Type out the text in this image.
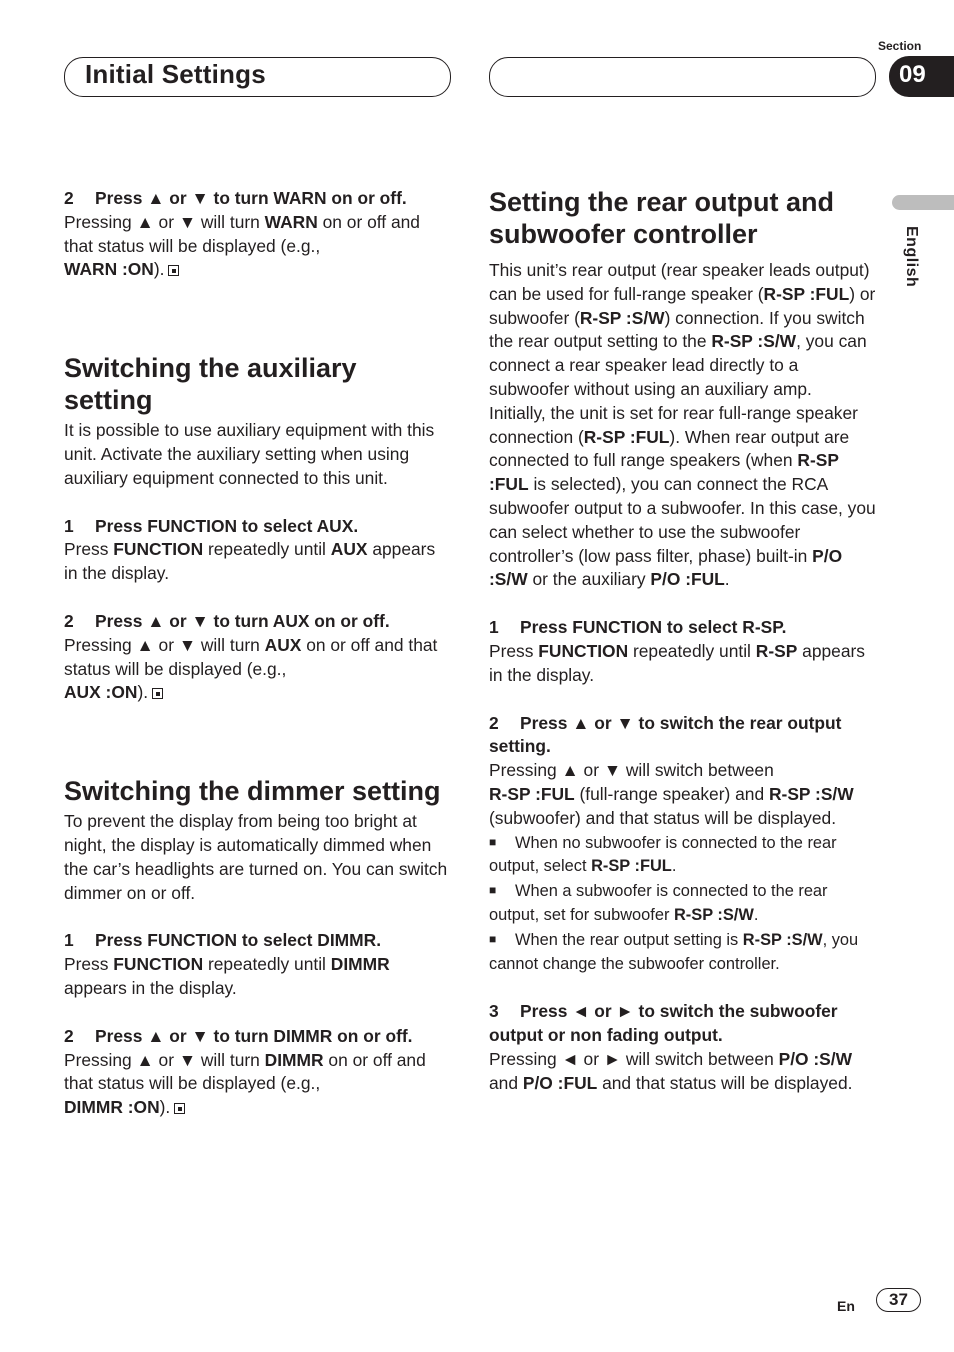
Initial Settings
Section
09
English

2 Press ▲ or ▼ to turn WARN on or off.

Pressing ▲ or ▼ will turn WARN on or off and that status will be displayed (e.g.,
WARN :ON).

Switching the auxiliary setting

It is possible to use auxiliary equipment with this unit. Activate the auxiliary setting when using auxiliary equipment connected to this unit.

1 Press FUNCTION to select AUX.

Press FUNCTION repeatedly until AUX appears in the display.

2 Press ▲ or ▼ to turn AUX on or off.

Pressing ▲ or ▼ will turn AUX on or off and that status will be displayed (e.g.,
AUX :ON).

Switching the dimmer setting

To prevent the display from being too bright at night, the display is automatically dimmed when the car’s headlights are turned on. You can switch dimmer on or off.

1 Press FUNCTION to select DIMMR.

Press FUNCTION repeatedly until DIMMR appears in the display.

2 Press ▲ or ▼ to turn DIMMR on or off.

Pressing ▲ or ▼ will turn DIMMR on or off and that status will be displayed (e.g.,
DIMMR :ON).

Setting the rear output and subwoofer controller

This unit’s rear output (rear speaker leads output) can be used for full-range speaker (R-SP :FUL) or subwoofer (R-SP :S/W) connection. If you switch the rear output setting to the R-SP :S/W, you can connect a rear speaker lead directly to a subwoofer without using an auxiliary amp.

Initially, the unit is set for rear full-range speaker connection (R-SP :FUL). When rear output are connected to full range speakers (when R-SP :FUL is selected), you can connect the RCA subwoofer output to a subwoofer. In this case, you can select whether to use the subwoofer controller’s (low pass filter, phase) built-in P/O :S/W or the auxiliary P/O :FUL.

1 Press FUNCTION to select R-SP.

Press FUNCTION repeatedly until R-SP appears in the display.

2 Press ▲ or ▼ to switch the rear output setting.

Pressing ▲ or ▼ will switch between
R-SP :FUL (full-range speaker) and R-SP :S/W (subwoofer) and that status will be displayed.

■ When no subwoofer is connected to the rear output, select R-SP :FUL.

■ When a subwoofer is connected to the rear output, set for subwoofer R-SP :S/W.

■ When the rear output setting is R-SP :S/W, you cannot change the subwoofer controller.

3 Press ◄ or ► to switch the subwoofer output or non fading output.

Pressing ◄ or ► will switch between P/O :S/W and P/O :FUL and that status will be displayed.

En	37
